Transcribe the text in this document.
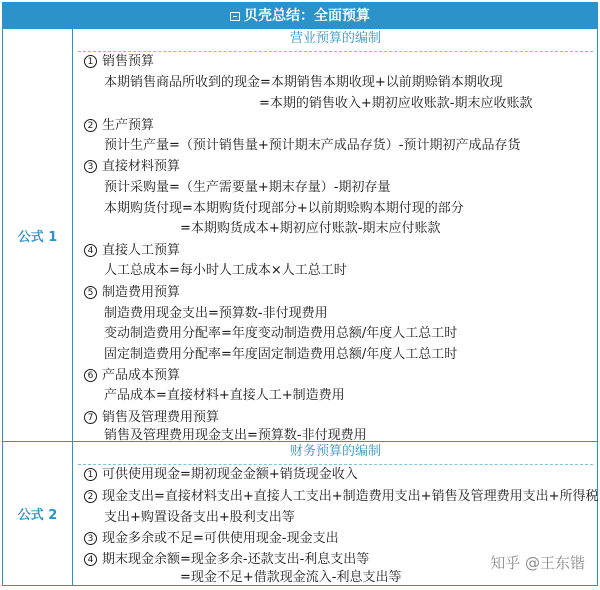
贝壳总结：全面预算
公式 1
营业预算的编制
1 销售预算
本期销售商品所收到的现金=本期销售本期收现+以前期赊销本期收现
=本期的销售收入+期初应收账款-期末应收账款
2 生产预算
预计生产量=（预计销售量+预计期末产成品存货）-预计期初产成品存货
3 直接材料预算
预计采购量=（生产需要量+期末存量）-期初存量
本期购货付现=本期购货付现部分+以前期赊购本期付现的部分
=本期购货成本+期初应付账款-期末应付账款
4 直接人工预算
人工总成本=每小时人工成本×人工总工时
5 制造费用预算
制造费用现金支出=预算数-非付现费用
变动制造费用分配率=年度变动制造费用总额/年度人工总工时
固定制造费用分配率=年度固定制造费用总额/年度人工总工时
6 产品成本预算
产品成本=直接材料+直接人工+制造费用
7 销售及管理费用预算
销售及管理费用现金支出=预算数-非付现费用
公式 2
财务预算的编制
1 可供使用现金=期初现金金额+销货现金收入
2 现金支出=直接材料支出+直接人工支出+制造费用支出+销售及管理费用支出+所得税
支出+购置设备支出+股利支出等
3 现金多余或不足=可供使用现金-现金支出
4 期末现金余额=现金多余-还款支出-利息支出等
=现金不足+借款现金流入-利息支出等
知乎 @王东锴
